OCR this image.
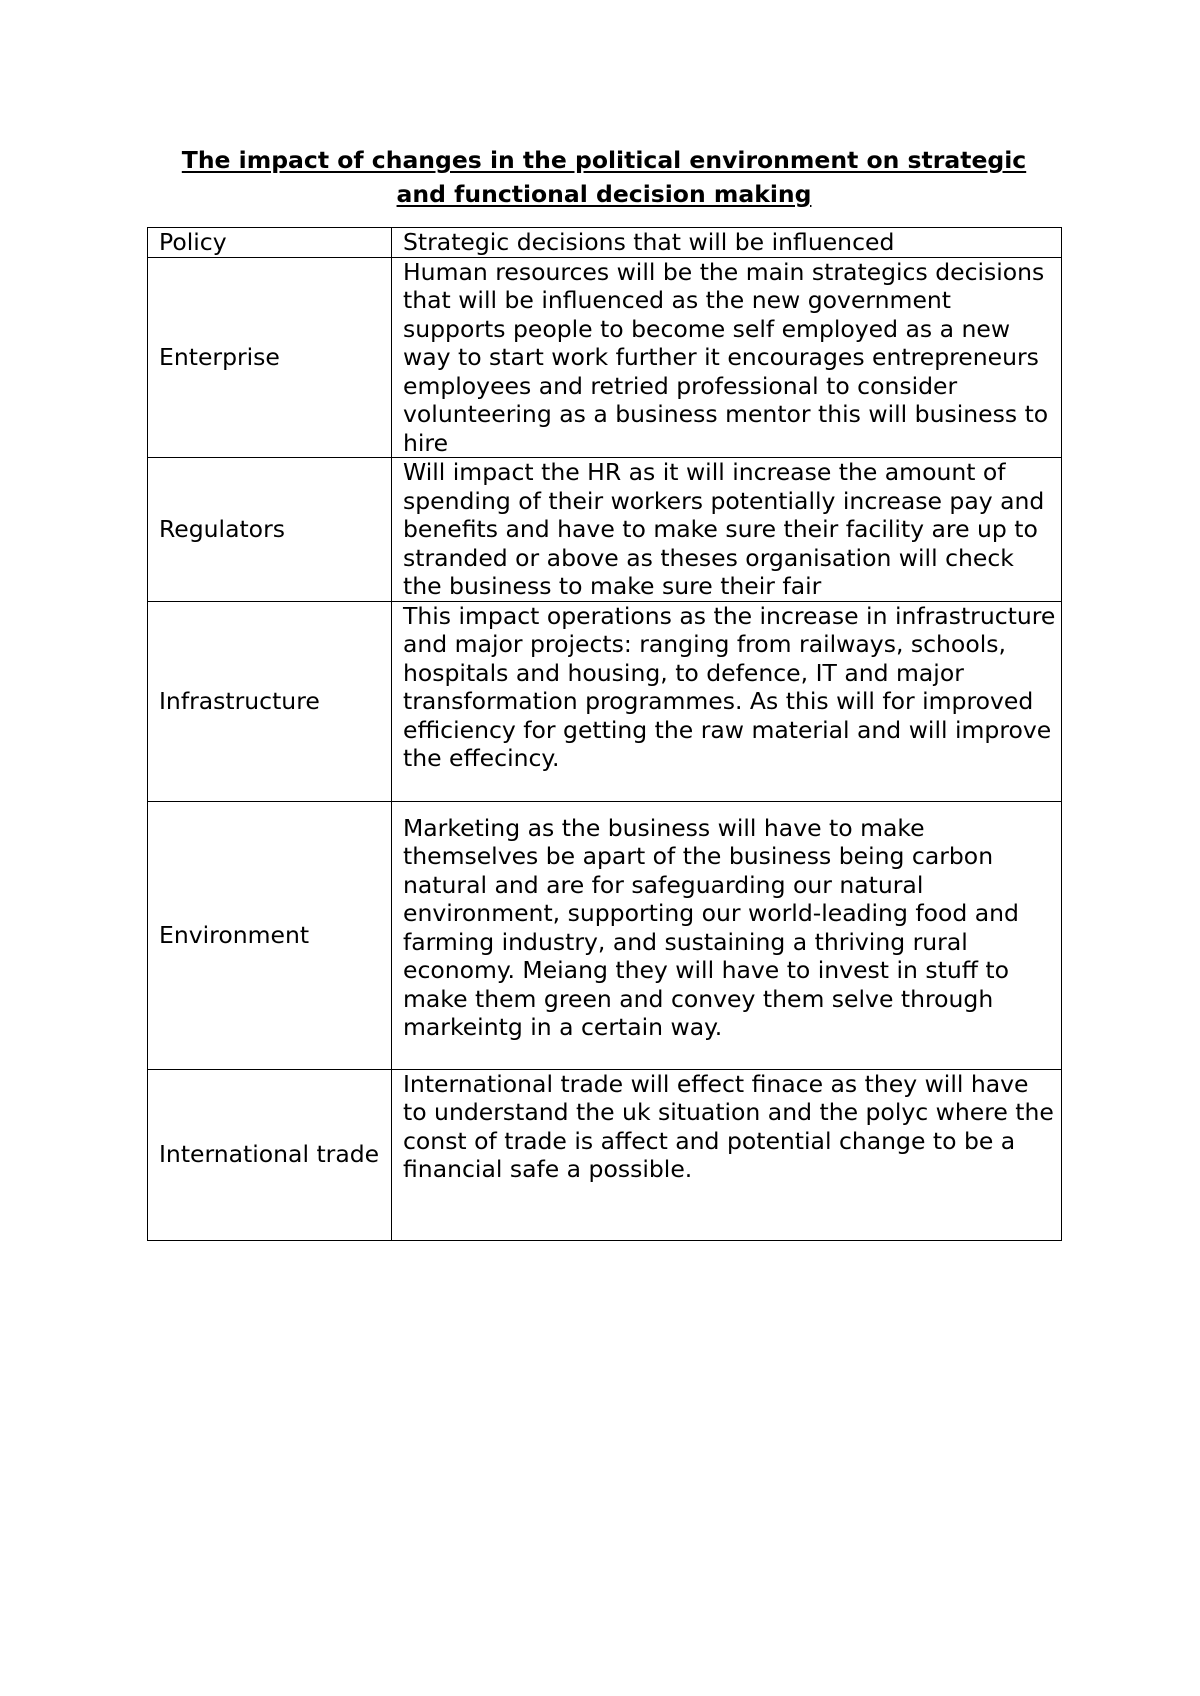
The impact of changes in the political environment on strategic
and functional decision making
Policy	Strategic decisions that will be influenced
Enterprise	Human resources will be the main strategics decisions that will be influenced as the new government supports people to become self employed as a new way to start work further it encourages entrepreneurs employees and retried professional to consider volunteering as a business mentor this will business to hire
Regulators	Will impact the HR as it will increase the amount of spending of their workers potentially increase pay and benefits and have to make sure their facility are up to stranded or above as theses organisation will check the business to make sure their fair
Infrastructure	This impact operations as the increase in infrastructure and major projects: ranging from railways, schools, hospitals and housing, to defence, IT and major transformation programmes. As this will for improved efficiency for getting the raw material and will improve the effecincy.
Environment	Marketing as the business will have to make themselves be apart of the business being carbon natural and are for safeguarding our natural environment, supporting our world-leading food and farming industry, and sustaining a thriving rural economy. Meiang they will have to invest in stuff to make them green and convey them selve through markeintg in a certain way.
International trade	International trade will effect finace as they will have to understand the uk situation and the polyc where the const of trade is affect and potential change to be a financial safe a possible.
